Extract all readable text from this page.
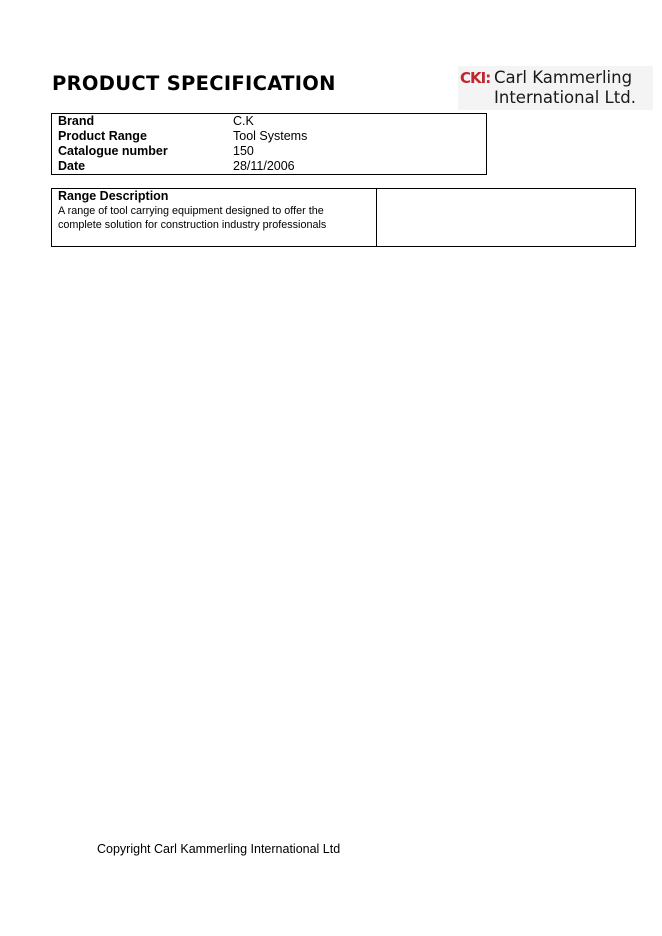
PRODUCT SPECIFICATION	CKI: Carl Kammerling
International Ltd.
Brand	C.K
Product Range	Tool Systems
Catalogue number	150
Date	28/11/2006
Range Description
A range of tool carrying equipment designed to offer the complete solution for construction industry professionals
Copyright Carl Kammerling International Ltd
